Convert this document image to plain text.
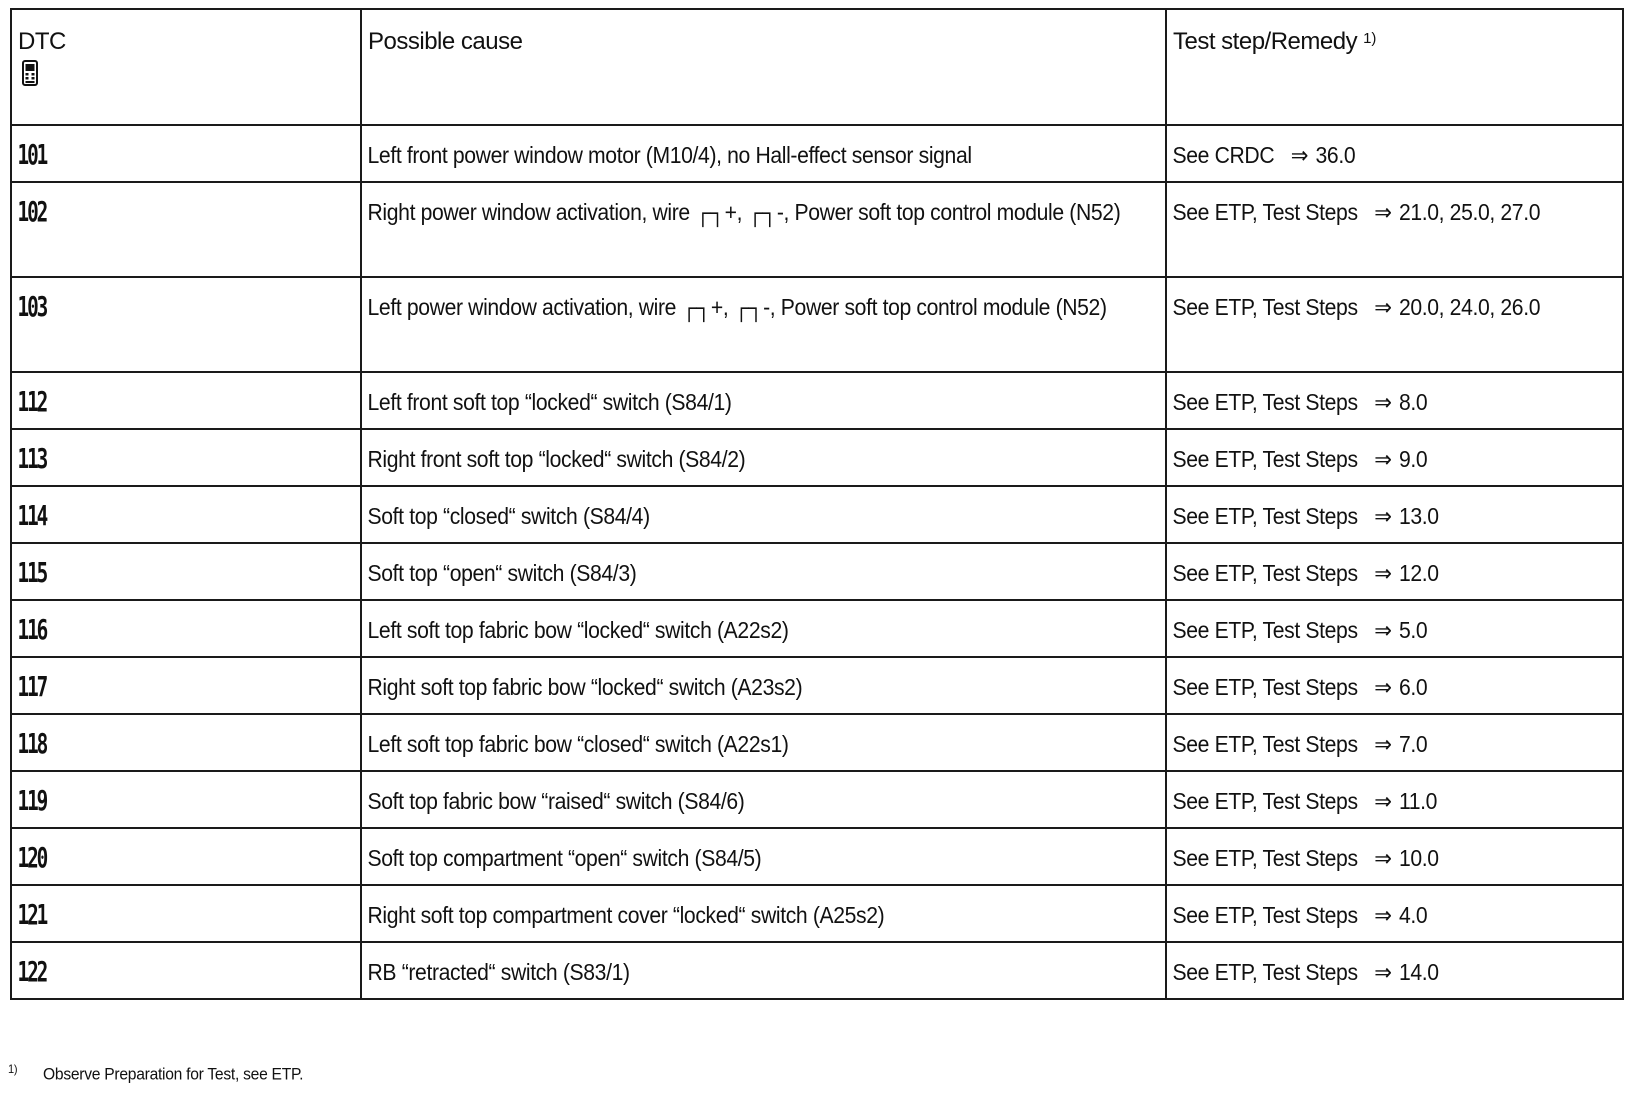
DTC	Possible cause	Test step/Remedy 1)

101	Left front power window motor (M10/4), no Hall-effect sensor signal	See CRDC ⇒ 36.0

102	Right power window activation, wire ┌┐+, ┌┐-, Power soft top control module (N52)	See ETP, Test Steps ⇒ 21.0, 25.0, 27.0

103	Left power window activation, wire ┌┐+, ┌┐-, Power soft top control module (N52)	See ETP, Test Steps ⇒ 20.0, 24.0, 26.0

112	Left front soft top “locked“ switch (S84/1)	See ETP, Test Steps ⇒ 8.0

113	Right front soft top “locked“ switch (S84/2)	See ETP, Test Steps ⇒ 9.0

114	Soft top “closed“ switch (S84/4)	See ETP, Test Steps ⇒ 13.0

115	Soft top “open“ switch (S84/3)	See ETP, Test Steps ⇒ 12.0

116	Left soft top fabric bow “locked“ switch (A22s2)	See ETP, Test Steps ⇒ 5.0

117	Right soft top fabric bow “locked“ switch (A23s2)	See ETP, Test Steps ⇒ 6.0

118	Left soft top fabric bow “closed“ switch (A22s1)	See ETP, Test Steps ⇒ 7.0

119	Soft top fabric bow “raised“ switch (S84/6)	See ETP, Test Steps ⇒ 11.0

120	Soft top compartment “open“ switch (S84/5)	See ETP, Test Steps ⇒ 10.0

121	Right soft top compartment cover “locked“ switch (A25s2)	See ETP, Test Steps ⇒ 4.0

122	RB “retracted“ switch (S83/1)	See ETP, Test Steps ⇒ 14.0
$^{1)}$ Observe Preparation for Test, see ETP.
